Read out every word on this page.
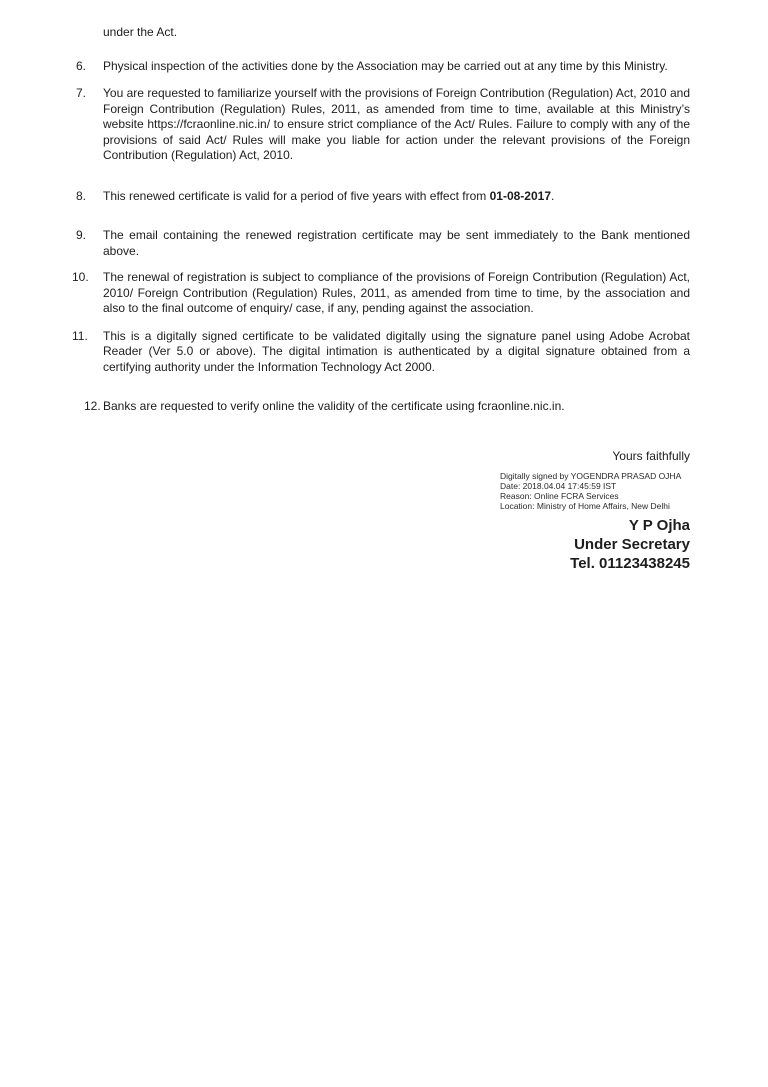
under the Act.

6. Physical inspection of the activities done by the Association may be carried out at any time by this Ministry.
7. You are requested to familiarize yourself with the provisions of Foreign Contribution (Regulation) Act, 2010 and Foreign Contribution (Regulation) Rules, 2011, as amended from time to time, available at this Ministry’s website https://fcraonline.nic.in/ to ensure strict compliance of the Act/ Rules. Failure to comply with any of the provisions of said Act/ Rules will make you liable for action under the relevant provisions of the Foreign Contribution (Regulation) Act, 2010.
8. This renewed certificate is valid for a period of five years with effect from 01-08-2017.
9. The email containing the renewed registration certificate may be sent immediately to the Bank mentioned above.
10. The renewal of registration is subject to compliance of the provisions of Foreign Contribution (Regulation) Act, 2010/ Foreign Contribution (Regulation) Rules, 2011, as amended from time to time, by the association and also to the final outcome of enquiry/ case, if any, pending against the association.
11. This is a digitally signed certificate to be validated digitally using the signature panel using Adobe Acrobat Reader (Ver 5.0 or above). The digital intimation is authenticated by a digital signature obtained from a certifying authority under the Information Technology Act 2000.
12. Banks are requested to verify online the validity of the certificate using fcraonline.nic.in.

Yours faithfully

Digitally signed by YOGENDRA PRASAD OJHA
Date: 2018.04.04 17:45:59 IST
Reason: Online FCRA Services
Location: Ministry of Home Affairs, New Delhi
Y P Ojha
Under Secretary
Tel. 01123438245
